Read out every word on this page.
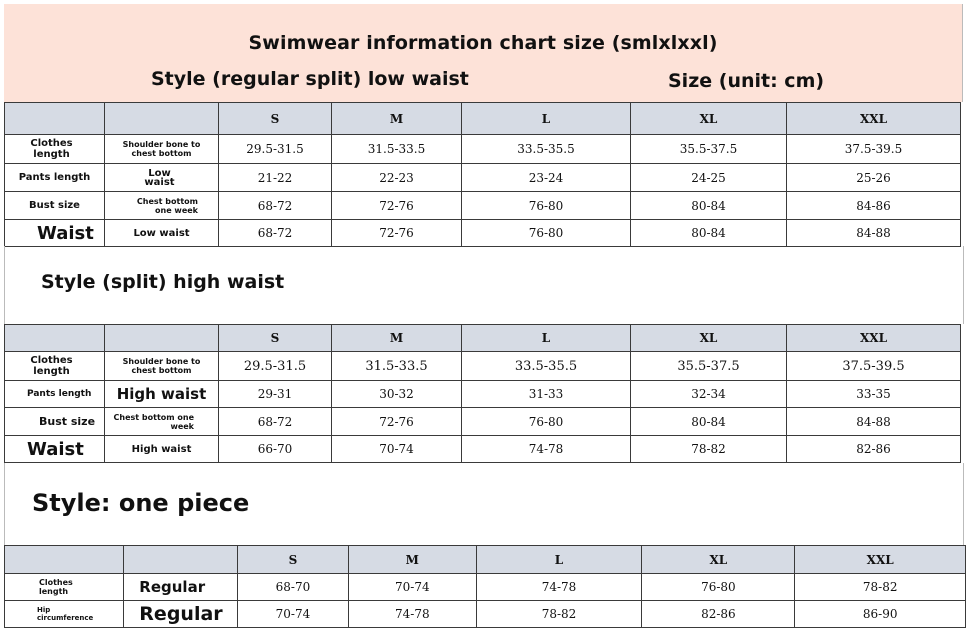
Swimwear information chart size (smlxlxxl)
Style (regular split) low waist	Size (unit: cm)
		S	M	L	XL	XXL
Clothes length	Shoulder bone to chest bottom	29.5-31.5	31.5-33.5	33.5-35.5	35.5-37.5	37.5-39.5
Pants length	Low waist	21-22	22-23	23-24	24-25	25-26
Bust size	Chest bottom one week	68-72	72-76	76-80	80-84	84-86
Waist	Low waist	68-72	72-76	76-80	80-84	84-88
Style (split) high waist
		S	M	L	XL	XXL
Clothes length	Shoulder bone to chest bottom	29.5-31.5	31.5-33.5	33.5-35.5	35.5-37.5	37.5-39.5
Pants length	High waist	29-31	30-32	31-33	32-34	33-35
Bust size	Chest bottom one week	68-72	72-76	76-80	80-84	84-88
Waist	High waist	66-70	70-74	74-78	78-82	82-86
Style: one piece
		S	M	L	XL	XXL
Clothes length	Regular	68-70	70-74	74-78	76-80	78-82
Hip circumference	Regular	70-74	74-78	78-82	82-86	86-90
